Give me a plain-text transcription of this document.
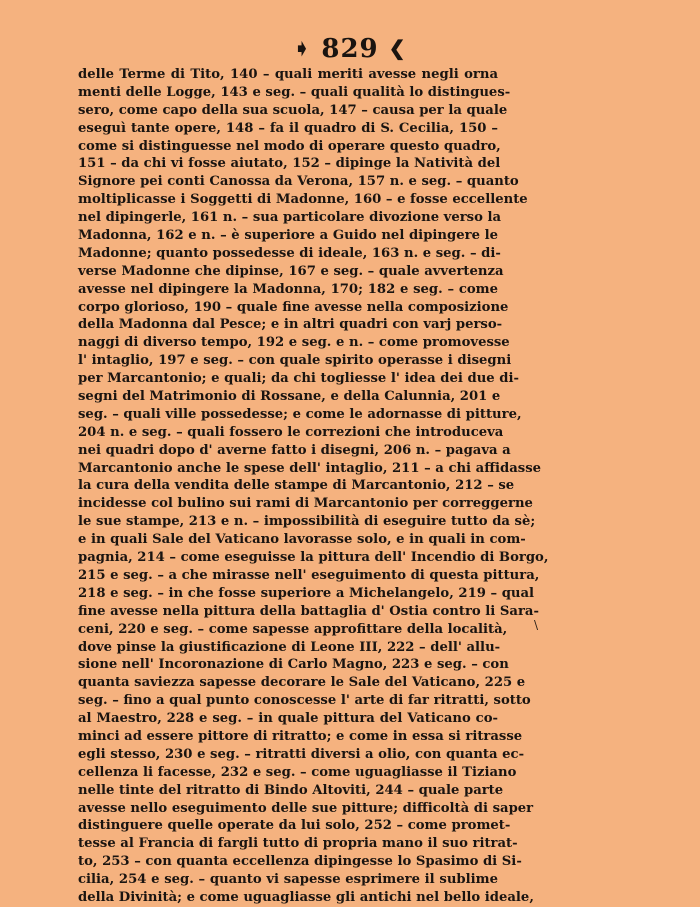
➧ 829 ❮
delle Terme di Tito, 140 – quali meriti avesse negli orna
menti delle Logge, 143 e seg. – quali qualità lo distingues-
sero, come capo della sua scuola, 147 – causa per la quale
eseguì tante opere, 148 – fa il quadro di S. Cecilia, 150 –
come si distinguesse nel modo di operare questo quadro,
151 – da chi vi fosse aiutato, 152 – dipinge la Natività del
Signore pei conti Canossa da Verona, 157 n. e seg. – quanto
moltiplicasse i Soggetti di Madonne, 160 – e fosse eccellente
nel dipingerle, 161 n. – sua particolare divozione verso la
Madonna, 162 e n. – è superiore a Guido nel dipingere le
Madonne; quanto possedesse di ideale, 163 n. e seg. – di-
verse Madonne che dipinse, 167 e seg. – quale avvertenza
avesse nel dipingere la Madonna, 170; 182 e seg. – come
corpo glorioso, 190 – quale fine avesse nella composizione
della Madonna dal Pesce; e in altri quadri con varj perso-
naggi di diverso tempo, 192 e seg. e n. – come promovesse
l' intaglio, 197 e seg. – con quale spirito operasse i disegni
per Marcantonio; e quali; da chi togliesse l' idea dei due di-
segni del Matrimonio di Rossane, e della Calunnia, 201 e
seg. – quali ville possedesse; e come le adornasse di pitture,
204 n. e seg. – quali fossero le correzioni che introduceva
nei quadri dopo d' averne fatto i disegni, 206 n. – pagava a
Marcantonio anche le spese dell' intaglio, 211 – a chi affidasse
la cura della vendita delle stampe di Marcantonio, 212 – se
incidesse col bulino sui rami di Marcantonio per correggerne
le sue stampe, 213 e n. – impossibilità di eseguire tutto da sè;
e in quali Sale del Vaticano lavorasse solo, e in quali in com-
pagnia, 214 – come eseguisse la pittura dell' Incendio di Borgo,
215 e seg. – a che mirasse nell' eseguimento di questa pittura,
218 e seg. – in che fosse superiore a Michelangelo, 219 – qual
fine avesse nella pittura della battaglia d' Ostia contro li Sara-
ceni, 220 e seg. – come sapesse approfittare della località,
dove pinse la giustificazione di Leone III, 222 – dell' allu-
sione nell' Incoronazione di Carlo Magno, 223 e seg. – con
quanta saviezza sapesse decorare le Sale del Vaticano, 225 e
seg. – fino a qual punto conoscesse l' arte di far ritratti, sotto
al Maestro, 228 e seg. – in quale pittura del Vaticano co-
minci ad essere pittore di ritratto; e come in essa si ritrasse
egli stesso, 230 e seg. – ritratti diversi a olio, con quanta ec-
cellenza li facesse, 232 e seg. – come uguagliasse il Tiziano
nelle tinte del ritratto di Bindo Altoviti, 244 – quale parte
avesse nello eseguimento delle sue pitture; difficoltà di saper
distinguere quelle operate da lui solo, 252 – come promet-
tesse al Francia di fargli tutto di propria mano il suo ritrat-
to, 253 – con quanta eccellenza dipingesse lo Spasimo di Si-
cilia, 254 e seg. – quanto vi sapesse esprimere il sublime
della Divinità; e come uguagliasse gli antichi nel bello ideale,
\
